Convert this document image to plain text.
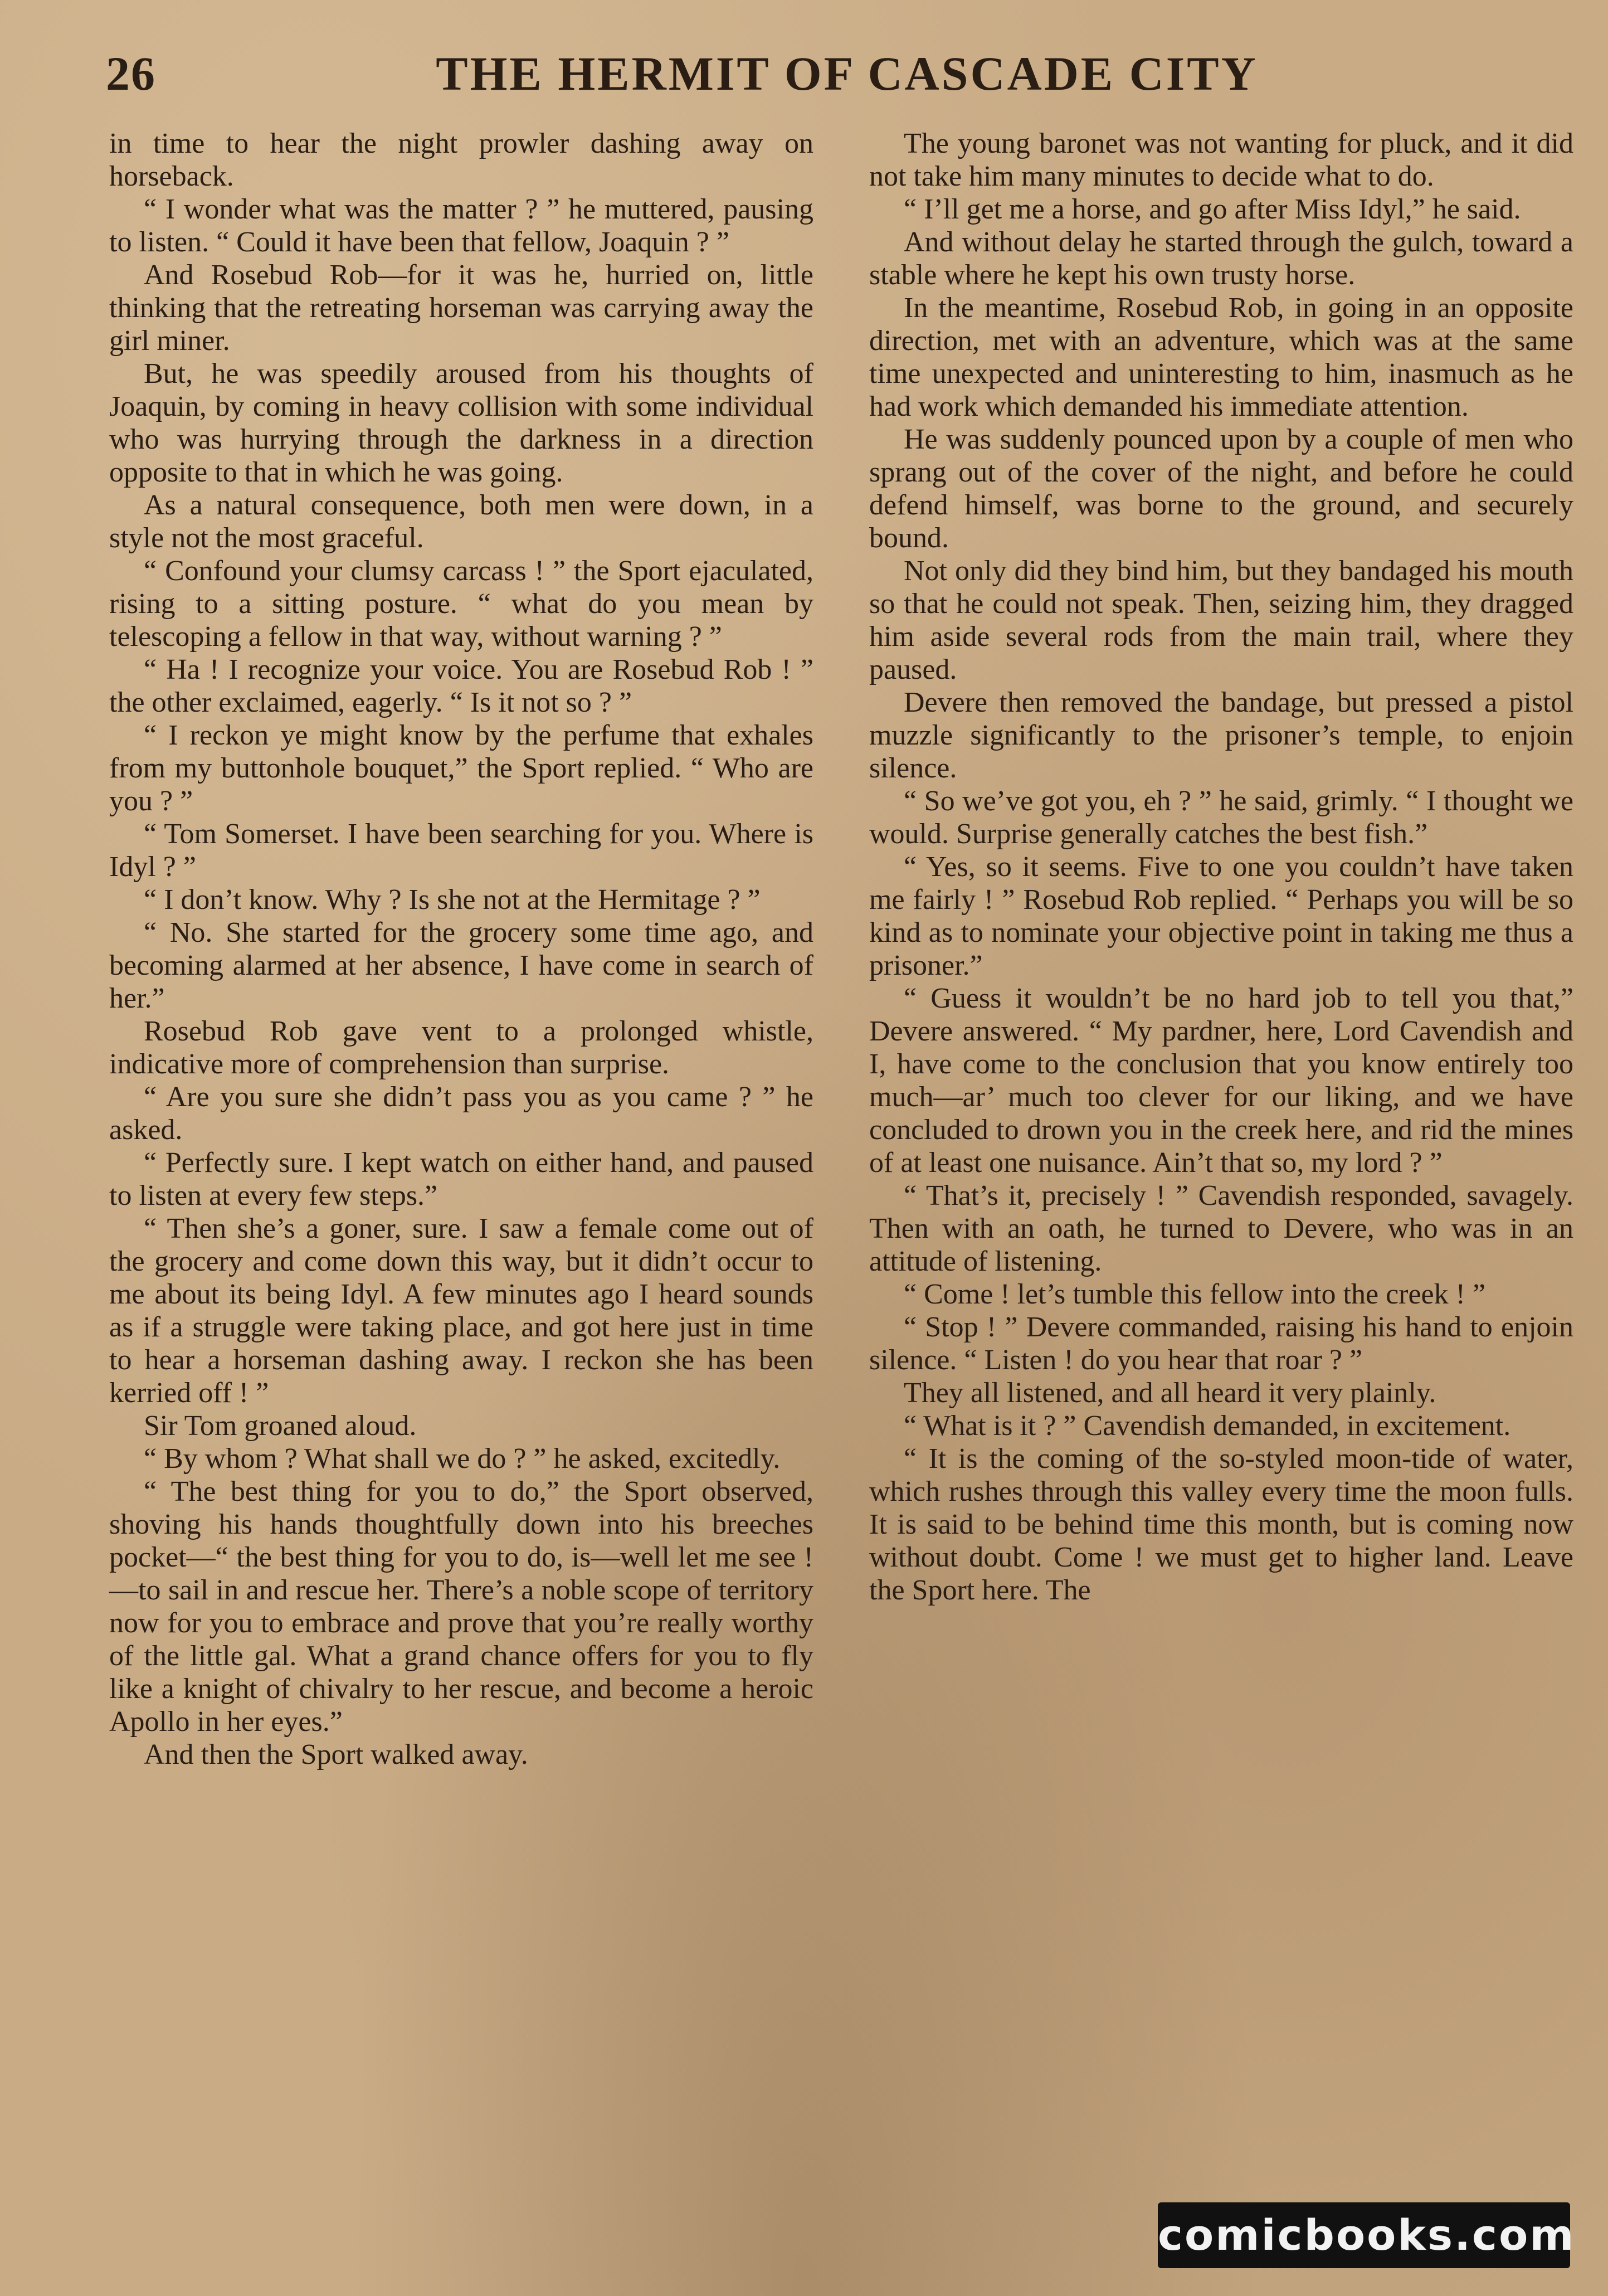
26	THE HERMIT OF CASCADE CITY

in time to hear the night prowler dashing away on horseback.

“ I wonder what was the matter ? ” he muttered, pausing to listen. “ Could it have been that fellow, Joaquin ? ”

And Rosebud Rob—for it was he, hurried on, little thinking that the retreating horseman was carrying away the girl miner.

But, he was speedily aroused from his thoughts of Joaquin, by coming in heavy collision with some individual who was hurrying through the darkness in a direction opposite to that in which he was going.

As a natural consequence, both men were down, in a style not the most graceful.

“ Confound your clumsy carcass ! ” the Sport ejaculated, rising to a sitting posture. “ what do you mean by telescoping a fellow in that way, without warning ? ”

“ Ha ! I recognize your voice. You are Rosebud Rob ! ” the other exclaimed, eagerly. “ Is it not so ? ”

“ I reckon ye might know by the perfume that exhales from my buttonhole bouquet,” the Sport replied. “ Who are you ? ”

“ Tom Somerset. I have been searching for you. Where is Idyl ? ”

“ I don’t know. Why ? Is she not at the Hermitage ? ”

“ No. She started for the grocery some time ago, and becoming alarmed at her absence, I have come in search of her.”

Rosebud Rob gave vent to a prolonged whistle, indicative more of comprehension than surprise.

“ Are you sure she didn’t pass you as you came ? ” he asked.

“ Perfectly sure. I kept watch on either hand, and paused to listen at every few steps.”

“ Then she’s a goner, sure. I saw a female come out of the grocery and come down this way, but it didn’t occur to me about its being Idyl. A few minutes ago I heard sounds as if a struggle were taking place, and got here just in time to hear a horseman dashing away. I reckon she has been kerried off ! ”

Sir Tom groaned aloud.

“ By whom ? What shall we do ? ” he asked, excitedly.

“ The best thing for you to do,” the Sport observed, shoving his hands thoughtfully down into his breeches pocket—“ the best thing for you to do, is—well let me see !—to sail in and rescue her. There’s a noble scope of territory now for you to embrace and prove that you’re really worthy of the little gal. What a grand chance offers for you to fly like a knight of chivalry to her rescue, and become a heroic Apollo in her eyes.”

And then the Sport walked away.

The young baronet was not wanting for pluck, and it did not take him many minutes to decide what to do.

“ I’ll get me a horse, and go after Miss Idyl,” he said.

And without delay he started through the gulch, toward a stable where he kept his own trusty horse.

In the meantime, Rosebud Rob, in going in an opposite direction, met with an adventure, which was at the same time unexpected and uninteresting to him, inasmuch as he had work which demanded his immediate attention.

He was suddenly pounced upon by a couple of men who sprang out of the cover of the night, and before he could defend himself, was borne to the ground, and securely bound.

Not only did they bind him, but they bandaged his mouth so that he could not speak. Then, seizing him, they dragged him aside several rods from the main trail, where they paused.

Devere then removed the bandage, but pressed a pistol muzzle significantly to the prisoner’s temple, to enjoin silence.

“ So we’ve got you, eh ? ” he said, grimly. “ I thought we would. Surprise generally catches the best fish.”

“ Yes, so it seems. Five to one you couldn’t have taken me fairly ! ” Rosebud Rob replied. “ Perhaps you will be so kind as to nominate your objective point in taking me thus a prisoner.”

“ Guess it wouldn’t be no hard job to tell you that,” Devere answered. “ My pardner, here, Lord Cavendish and I, have come to the conclusion that you know entirely too much—ar’ much too clever for our liking, and we have concluded to drown you in the creek here, and rid the mines of at least one nuisance. Ain’t that so, my lord ? ”

“ That’s it, precisely ! ” Cavendish responded, savagely. Then with an oath, he turned to Devere, who was in an attitude of listening.

“ Come ! let’s tumble this fellow into the creek ! ”

“ Stop ! ” Devere commanded, raising his hand to enjoin silence. “ Listen ! do you hear that roar ? ”

They all listened, and all heard it very plainly.

“ What is it ? ” Cavendish demanded, in excitement.

“ It is the coming of the so-styled moon-tide of water, which rushes through this valley every time the moon fulls. It is said to be behind time this month, but is coming now without doubt. Come ! we must get to higher land. Leave the Sport here. The

comicbooks.com
